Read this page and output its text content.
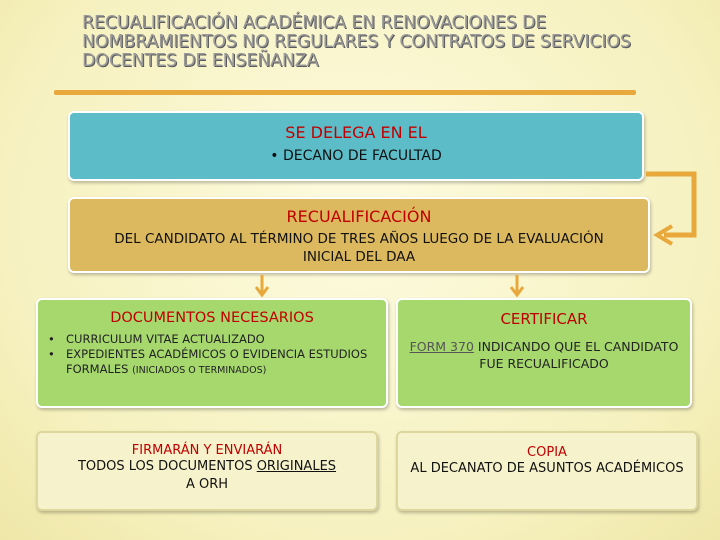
RECUALIFICACIÓN ACADÉMICA EN RENOVACIONES DE NOMBRAMIENTOS NO REGULARES Y CONTRATOS DE SERVICIOS DOCENTES DE ENSEÑANZA
SE DELEGA EN EL
• DECANO DE FACULTAD
RECUALIFICACIÓN
DEL CANDIDATO AL TÉRMINO DE TRES AÑOS LUEGO DE LA EVALUACIÓN INICIAL DEL DAA
DOCUMENTOS NECESARIOS
• CURRICULUM VITAE ACTUALIZADO
• EXPEDIENTES ACADÉMICOS O EVIDENCIA ESTUDIOS FORMALES (INICIADOS O TERMINADOS)
CERTIFICAR
FORM 370 INDICANDO QUE EL CANDIDATO FUE RECUALIFICADO
FIRMARÁN Y ENVIARÁN
TODOS LOS DOCUMENTOS ORIGINALES
A ORH
COPIA
AL DECANATO DE ASUNTOS ACADÉMICOS
